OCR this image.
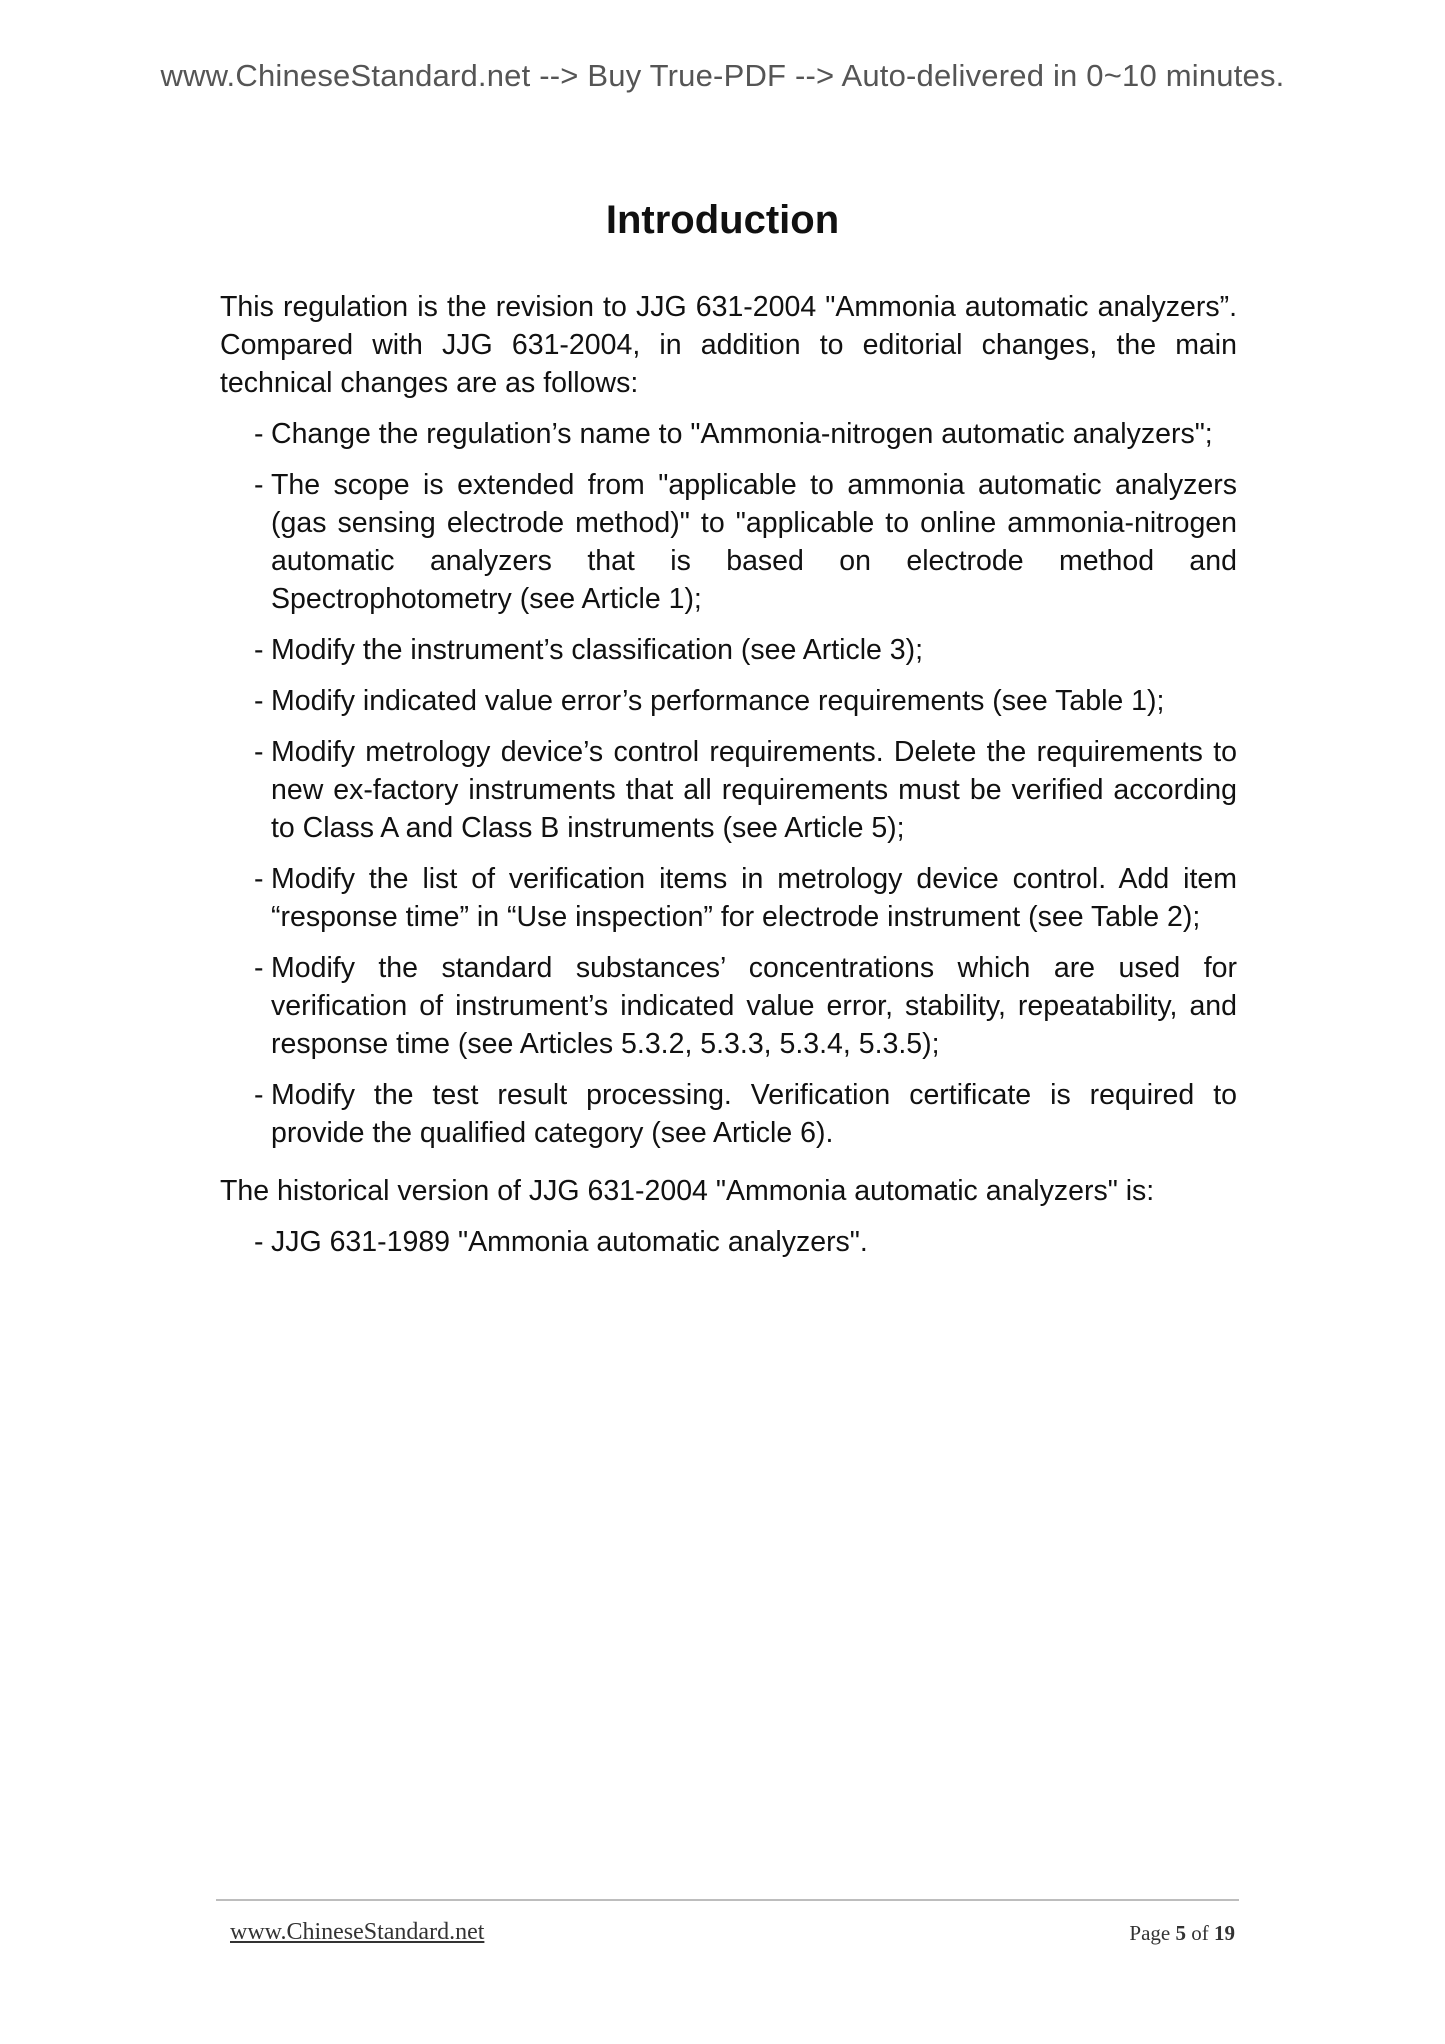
www.ChineseStandard.net --> Buy True-PDF --> Auto-delivered in 0~10 minutes.
Introduction

This regulation is the revision to JJG 631-2004 "Ammonia automatic analyzers”. Compared with JJG 631-2004, in addition to editorial changes, the main technical changes are as follows:

- Change the regulation’s name to "Ammonia-nitrogen automatic analyzers";
- The scope is extended from "applicable to ammonia automatic analyzers (gas sensing electrode method)" to "applicable to online ammonia-nitrogen automatic analyzers that is based on electrode method and Spectrophotometry (see Article 1);
- Modify the instrument’s classification (see Article 3);
- Modify indicated value error’s performance requirements (see Table 1);
- Modify metrology device’s control requirements. Delete the requirements to new ex-factory instruments that all requirements must be verified according to Class A and Class B instruments (see Article 5);
- Modify the list of verification items in metrology device control. Add item “response time” in “Use inspection” for electrode instrument (see Table 2);
- Modify the standard substances’ concentrations which are used for verification of instrument’s indicated value error, stability, repeatability, and response time (see Articles 5.3.2, 5.3.3, 5.3.4, 5.3.5);
- Modify the test result processing. Verification certificate is required to provide the qualified category (see Article 6).

The historical version of JJG 631-2004 "Ammonia automatic analyzers" is:

- JJG 631-1989 "Ammonia automatic analyzers".
www.ChineseStandard.net	Page 5 of 19
